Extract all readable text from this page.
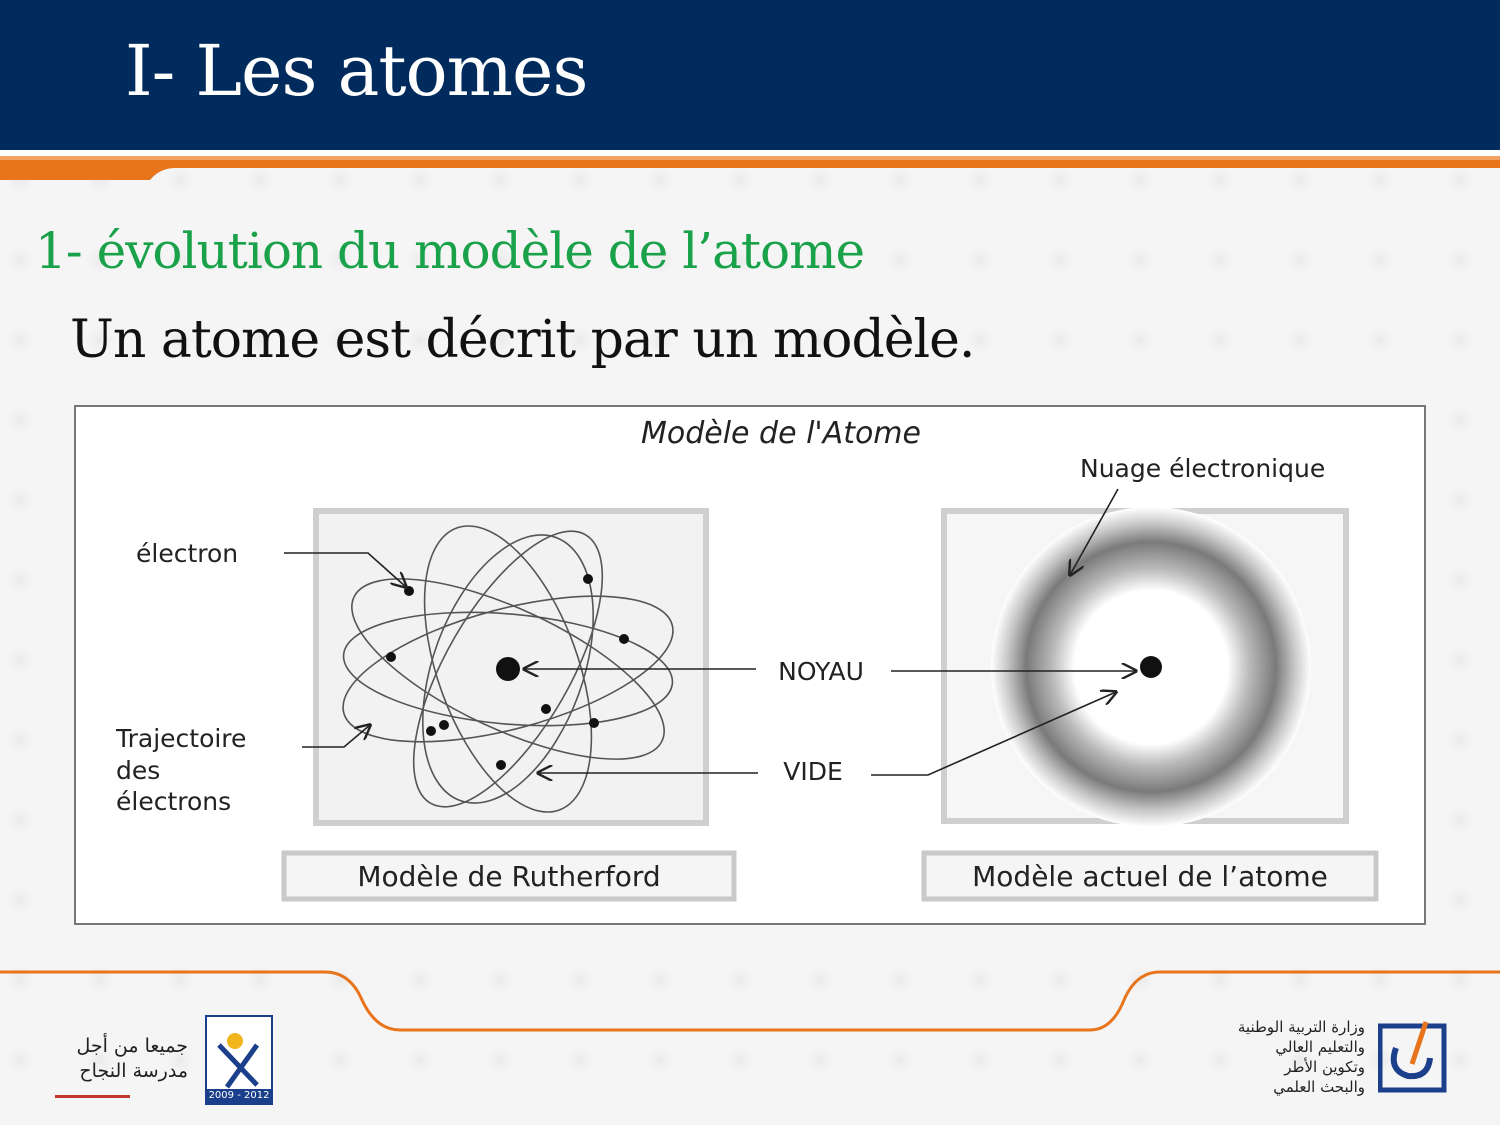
I- Les atomes
1- évolution du modèle de l’atome
Un atome est décrit par un modèle.
Modèle de l'Atome
électron
Trajectoire
des
électrons
NOYAU
VIDE
Nuage électronique
Modèle de Rutherford	Modèle actuel de l’atome
جميعا من أجل
مدرسة النجاح
2009 - 2012
وزارة التربية الوطنية
والتعليم العالي
وتكوين الأطر
والبحث العلمي
